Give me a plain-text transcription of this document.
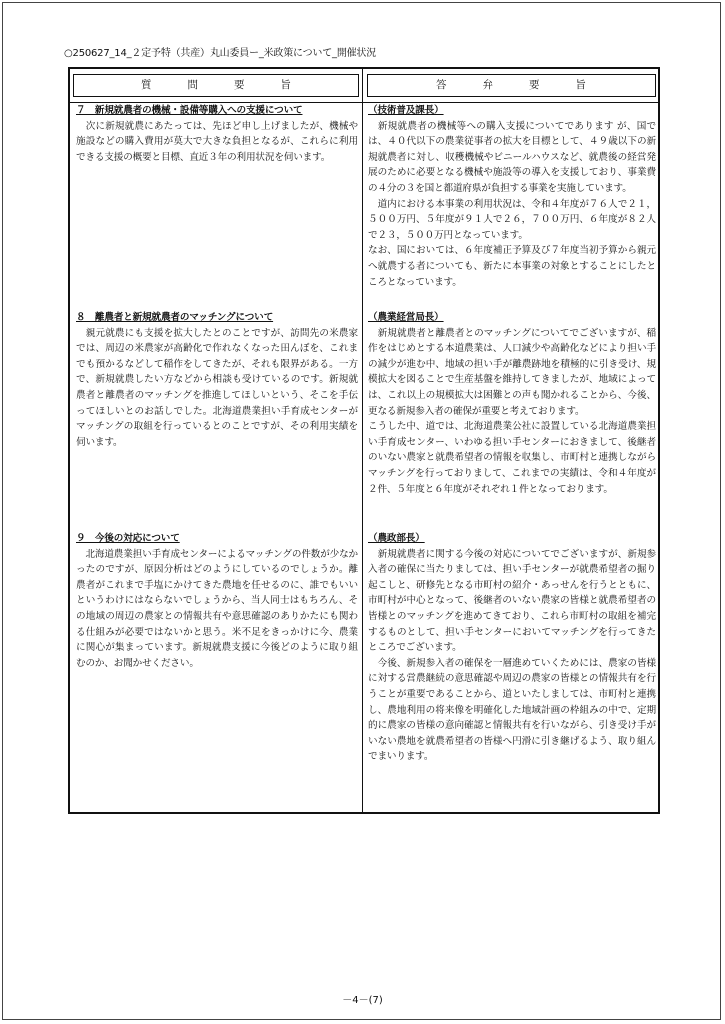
○250627_14_２定予特（共産）丸山委員ー_米政策について_開催状況
質問要旨	答弁要旨
７　新規就農者の機械・設備等購入への支援について
　次に新規就農にあたっては、先ほど申し上げましたが、機械や施設などの購入費用が莫大で大きな負担となるが、これらに利用できる支援の概要と目標、直近３年の利用状況を伺います。
（技術普及課長）
　新規就農者の機械等への購入支援についてであります が、国では、４０代以下の農業従事者の拡大を目標として、４９歳以下の新規就農者に対し、収穫機械やビニールハウスなど、就農後の経営発展のために必要となる機械や施設等の導入を支援しており、事業費の４分の３を国と都道府県が負担する事業を実施しています。
　道内における本事業の利用状況は、令和４年度が７６人で２１，５００万円、５年度が９１人で２６，７００万円、６年度が８２人で２３，５００万円となっています。
なお、国においては、６年度補正予算及び７年度当初予算から親元へ就農する者についても、新たに本事業の対象とすることにしたところとなっています。
８　離農者と新規就農者のマッチングについて
　親元就農にも支援を拡大したとのことですが、訪問先の米農家では、周辺の米農家が高齢化で作れなくなった田んぼを、これまでも預かるなどして稲作をしてきたが、それも限界がある。一方で、新規就農したい方などから相談も受けているのです。新規就農者と離農者のマッチングを推進してほしいという、そこを手伝ってほしいとのお話しでした。北海道農業担い手育成センターがマッチングの取組を行っているとのことですが、その利用実績を伺います。
（農業経営局長）
　新規就農者と離農者とのマッチングについてでございますが、稲作をはじめとする本道農業は、人口減少や高齢化などにより担い手の減少が進む中、地域の担い手が離農跡地を積極的に引き受け、規模拡大を図ることで生産基盤を維持してきましたが、地域によっては、これ以上の規模拡大は困難との声も聞かれることから、今後、更なる新規参入者の確保が重要と考えております。
こうした中、道では、北海道農業公社に設置している北海道農業担い手育成センター、いわゆる担い手センターにおきまして、後継者のいない農家と就農希望者の情報を収集し、市町村と連携しながらマッチングを行っておりまして、これまでの実績は、令和４年度が２件、５年度と６年度がそれぞれ１件となっております。
９　今後の対応について
　北海道農業担い手育成センターによるマッチングの件数が少なかったのですが、原因分析はどのようにしているのでしょうか。離農者がこれまで手塩にかけてきた農地を任せるのに、誰でもいいというわけにはならないでしょうから、当人同士はもちろん、その地域の周辺の農家との情報共有や意思確認のありかたにも関わる仕組みが必要ではないかと思う。米不足をきっかけに今、農業に関心が集まっています。新規就農支援に今後どのように取り組むのか、お聞かせください。
（農政部長）
　新規就農者に関する今後の対応についてでございますが、新規参入者の確保に当たりましては、担い手センターが就農希望者の掘り起こしと、研修先となる市町村の紹介・あっせんを行うとともに、市町村が中心となって、後継者のいない農家の皆様と就農希望者の皆様とのマッチングを進めてきており、これら市町村の取組を補完するものとして、担い手センターにおいてマッチングを行ってきたところでございます。
　今後、新規参入者の確保を一層進めていくためには、農家の皆様に対する営農継続の意思確認や周辺の農家の皆様との情報共有を行うことが重要であることから、道といたしましては、市町村と連携し、農地利用の将来像を明確化した地域計画の枠組みの中で、定期的に農家の皆様の意向確認と情報共有を行いながら、引き受け手がいない農地を就農希望者の皆様へ円滑に引き継げるよう、取り組んでまいります。
－4－(7)
